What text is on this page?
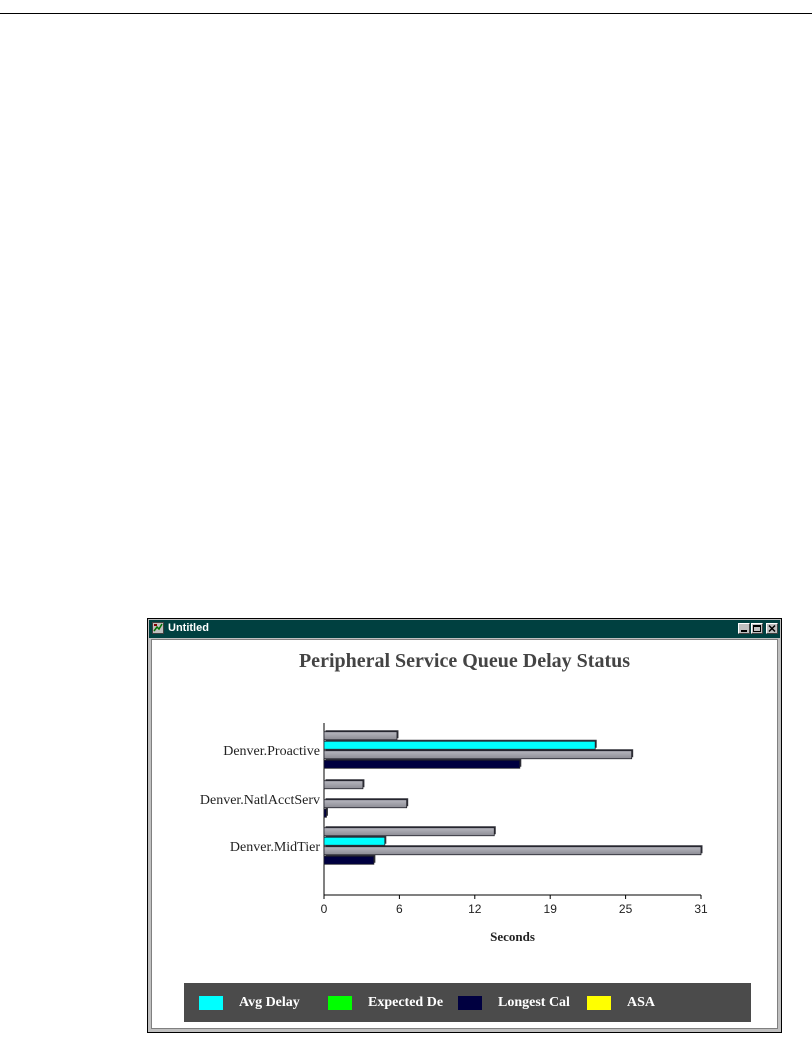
Untitled
Peripheral Service Queue Delay Status
0	6	12	19	25	31
Denver.Proactive
Denver.NatlAcctServ
Denver.MidTier
Seconds
Avg Delay	Expected De	Longest Cal	ASA
